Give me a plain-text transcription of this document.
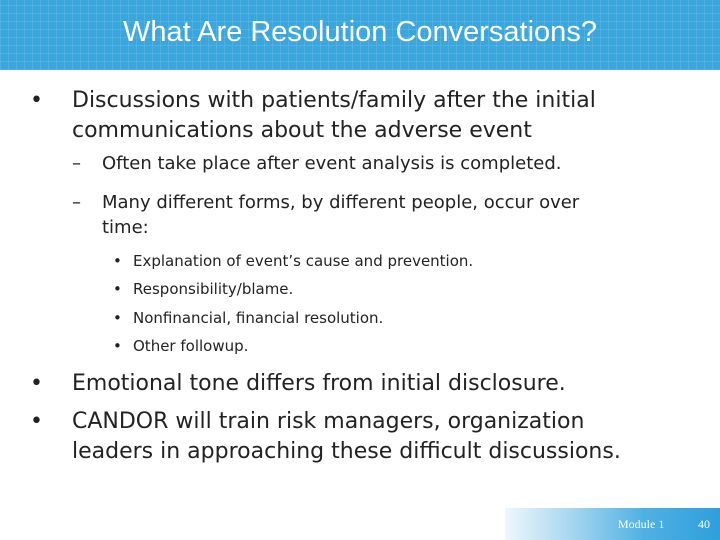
What Are Resolution Conversations?
• Discussions with patients/family after the initial
communications about the adverse event
– Often take place after event analysis is completed.
– Many different forms, by different people, occur over
time:
• Explanation of event’s cause and prevention.
• Responsibility/blame.
• Nonfinancial, financial resolution.
• Other followup.
• Emotional tone differs from initial disclosure.
• CANDOR will train risk managers, organization
leaders in approaching these difficult discussions.
Module 1	40
